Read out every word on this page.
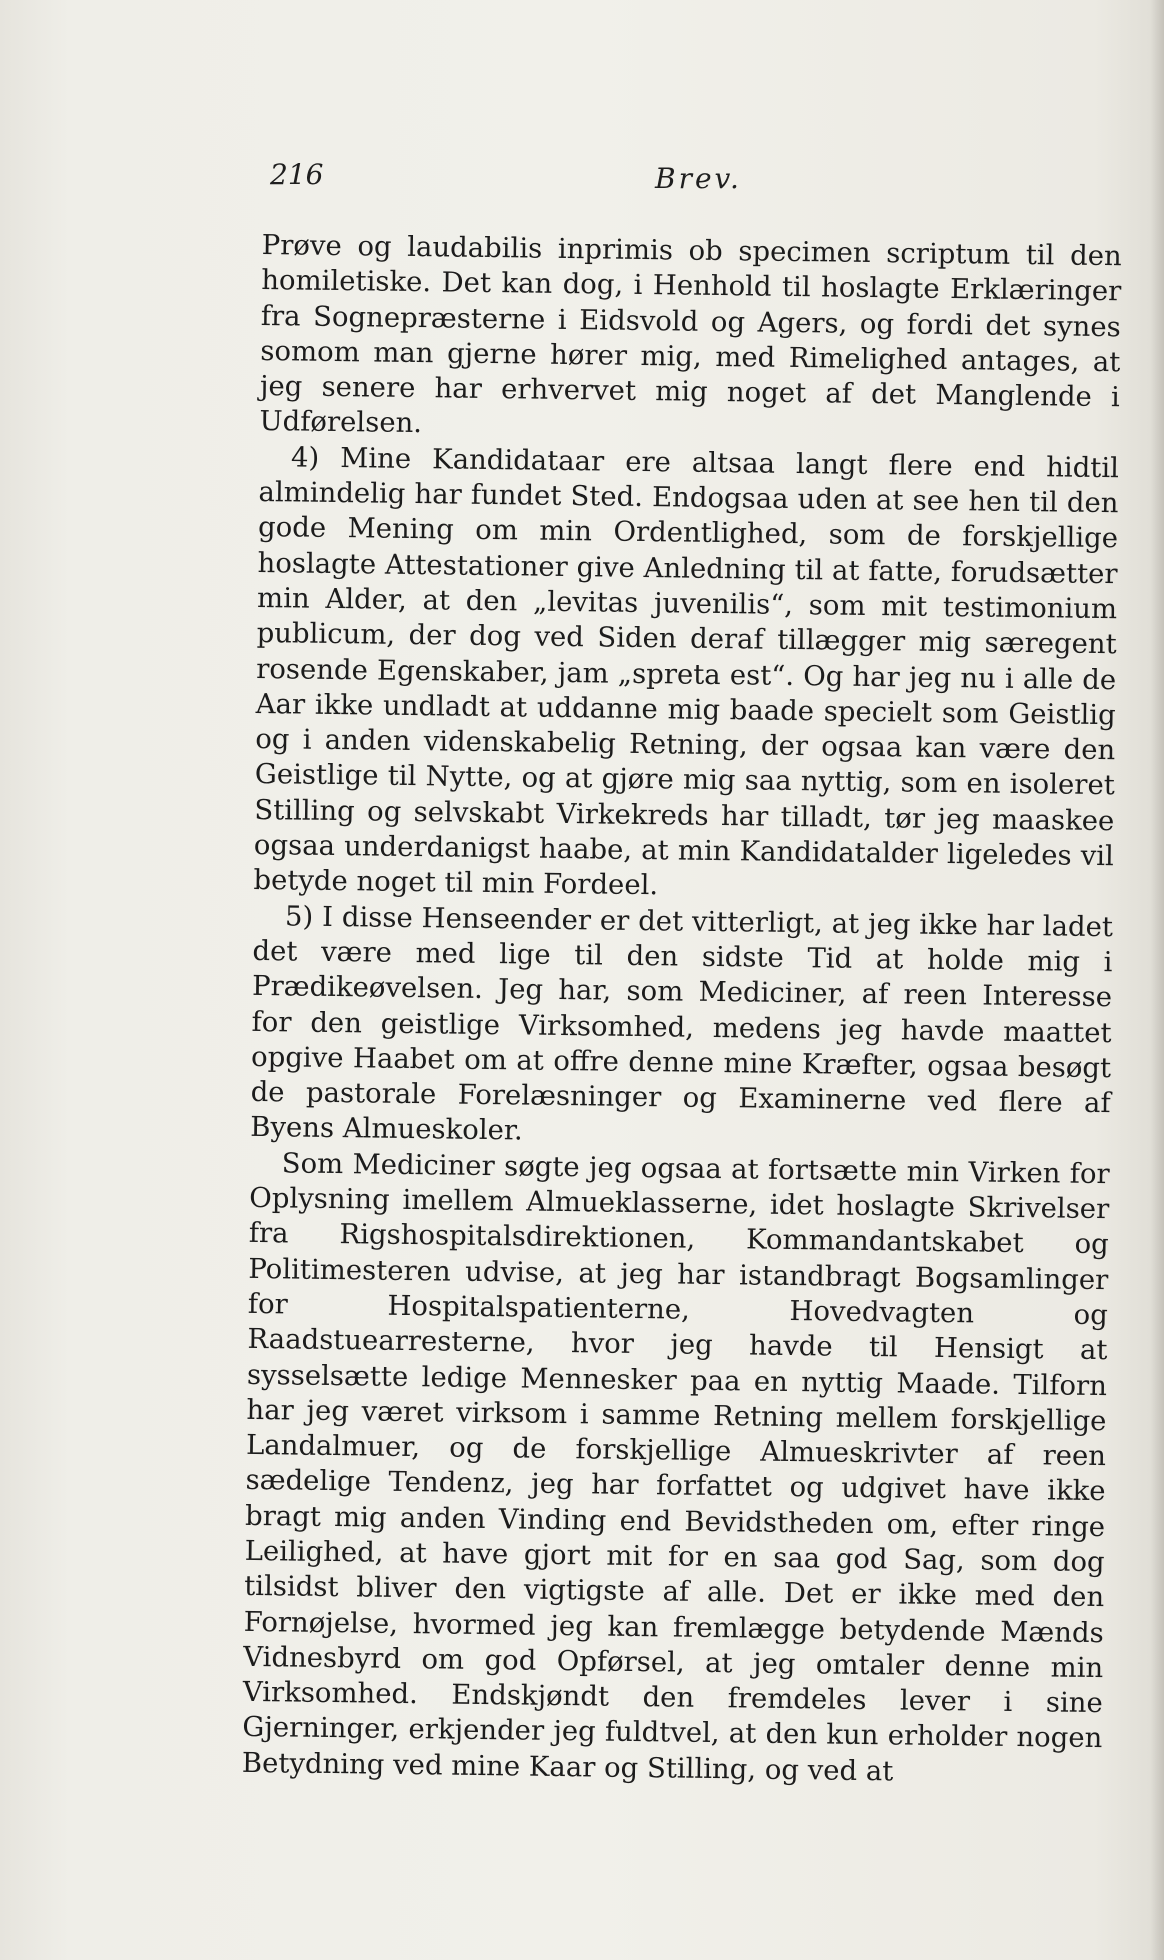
216	Brev.

Prøve og laudabilis inprimis ob specimen scriptum til den homiletiske. Det kan dog, i Henhold til hoslagte Erklæringer fra Sognepræsterne i Eidsvold og Agers, og fordi det synes somom man gjerne hører mig, med Rimelighed antages, at jeg senere har erhvervet mig noget af det Manglende i Udførelsen.

4) Mine Kandidataar ere altsaa langt flere end hidtil almindelig har fundet Sted. Endogsaa uden at see hen til den gode Mening om min Ordentlighed, som de forskjellige hoslagte Attestationer give Anledning til at fatte, forudsætter min Alder, at den „levitas juvenilis“, som mit testimonium publicum, der dog ved Siden deraf tillægger mig særegent rosende Egenskaber, jam „spreta est“. Og har jeg nu i alle de Aar ikke undladt at uddanne mig baade specielt som Geistlig og i anden videnskabelig Retning, der ogsaa kan være den Geistlige til Nytte, og at gjøre mig saa nyttig, som en isoleret Stilling og selvskabt Virkekreds har tilladt, tør jeg maaskee ogsaa underdanigst haabe, at min Kandidatalder ligeledes vil betyde noget til min Fordeel.

5) I disse Henseender er det vitterligt, at jeg ikke har ladet det være med lige til den sidste Tid at holde mig i Prædikeøvelsen. Jeg har, som Mediciner, af reen Interesse for den geistlige Virksomhed, medens jeg havde maattet opgive Haabet om at offre denne mine Kræfter, ogsaa besøgt de pastorale Forelæsninger og Examinerne ved flere af Byens Almueskoler.

Som Mediciner søgte jeg ogsaa at fortsætte min Virken for Oplysning imellem Almueklasserne, idet hoslagte Skrivelser fra Rigshospitalsdirektionen, Kommandantskabet og Politimesteren udvise, at jeg har istandbragt Bogsamlinger for Hospitalspatienterne, Hovedvagten og Raadstuearresterne, hvor jeg havde til Hensigt at sysselsætte ledige Mennesker paa en nyttig Maade. Tilforn har jeg været virksom i samme Retning mellem forskjellige Landalmuer, og de forskjellige Almueskrivter af reen sædelige Tendenz, jeg har forfattet og udgivet have ikke bragt mig anden Vinding end Bevidstheden om, efter ringe Leilighed, at have gjort mit for en saa god Sag, som dog tilsidst bliver den vigtigste af alle. Det er ikke med den Fornøjelse, hvormed jeg kan fremlægge betydende Mænds Vidnesbyrd om god Opførsel, at jeg omtaler denne min Virksomhed. Endskjøndt den fremdeles lever i sine Gjerninger, erkjender jeg fuldtvel, at den kun erholder nogen Betydning ved mine Kaar og Stilling, og ved at
